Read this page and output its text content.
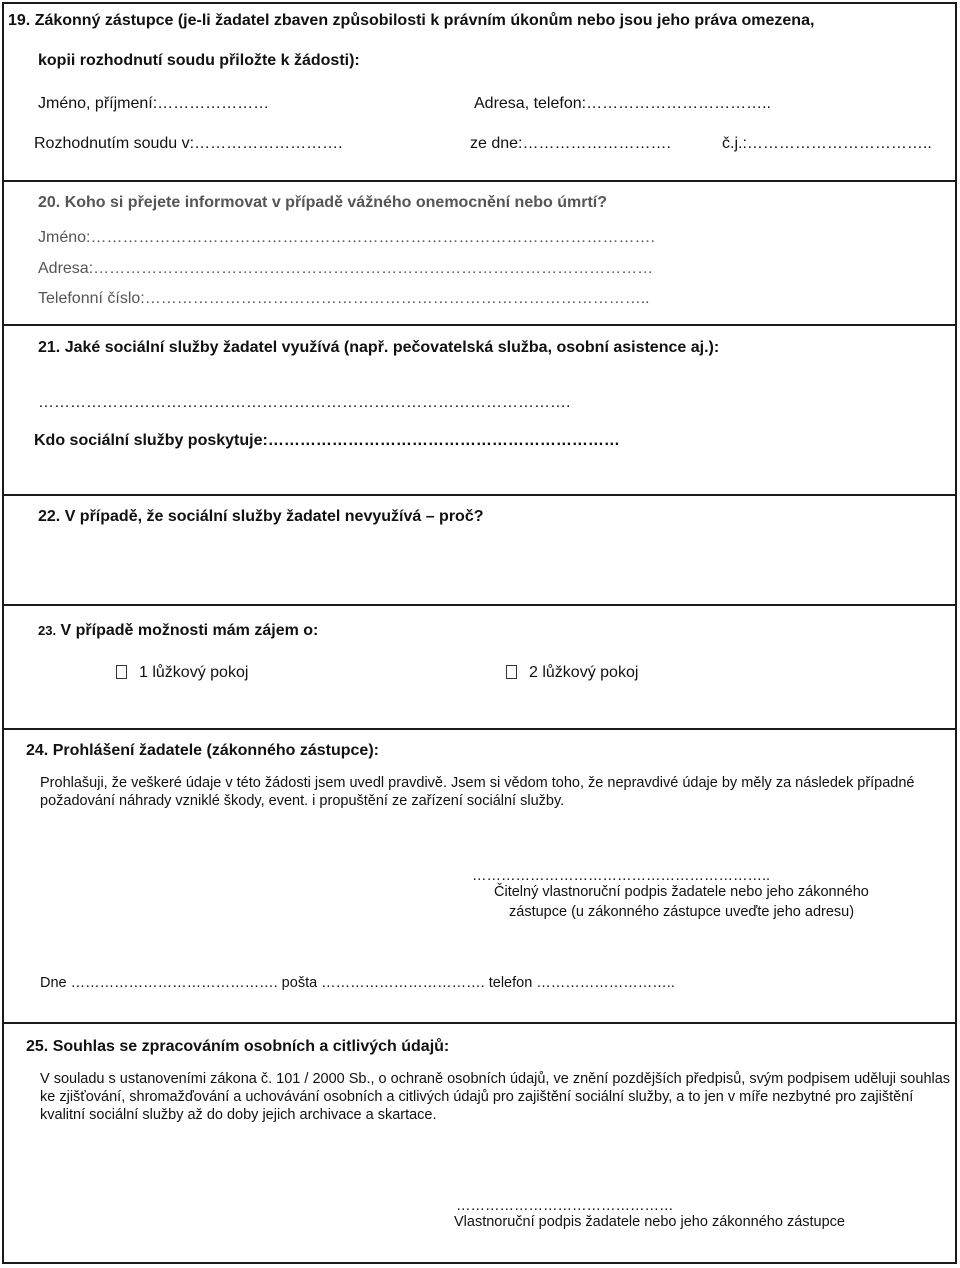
19. Zákonný zástupce (je-li žadatel zbaven způsobilosti k právním úkonům nebo jsou jeho práva omezena,
kopii rozhodnutí soudu přiložte k žádosti):
Jméno, příjmení:…………………	Adresa, telefon:……………………………..
Rozhodnutím soudu v:……………………….	ze dne:……………………….	č.j.:……………………………..
20. Koho si přejete informovat v případě vážného onemocnění nebo úmrtí?
Jméno:…………………………………………………………………………………………….
Adresa:……………………………………………………………………………………………
Telefonní číslo:…………………………………………………………………………………..
21. Jaké sociální služby žadatel využívá (např. pečovatelská služba, osobní asistence aj.):
……………………………………………………………………………………….
Kdo sociální služby poskytuje:…………………………………………………………
22. V případě, že sociální služby žadatel nevyužívá – proč?
23. V případě možnosti mám zájem o:
1 lůžkový pokoj	2 lůžkový pokoj
24. Prohlášení žadatele (zákonného zástupce):
Prohlašuji, že veškeré údaje v této žádosti jsem uvedl pravdivě. Jsem si vědom toho, že nepravdivé údaje by měly za následek případné požadování náhrady vzniklé škody, event. i propuštění ze zařízení sociální služby.
……………………………………………………..
Čitelný vlastnoruční podpis žadatele nebo jeho zákonného
zástupce (u zákonného zástupce uveďte jeho adresu)
Dne ……………………………………. pošta ……………………………. telefon ………………………..
25. Souhlas se zpracováním osobních a citlivých údajů:
V souladu s ustanoveními zákona č. 101 / 2000 Sb., o ochraně osobních údajů, ve znění pozdějších předpisů, svým podpisem uděluji souhlas ke zjišťování, shromažďování a uchovávání osobních a citlivých údajů pro zajištění sociální služby, a to jen v míře nezbytné pro zajištění kvalitní sociální služby až do doby jejich archivace a skartace.
………………………………………
Vlastnoruční podpis žadatele nebo jeho zákonného zástupce
